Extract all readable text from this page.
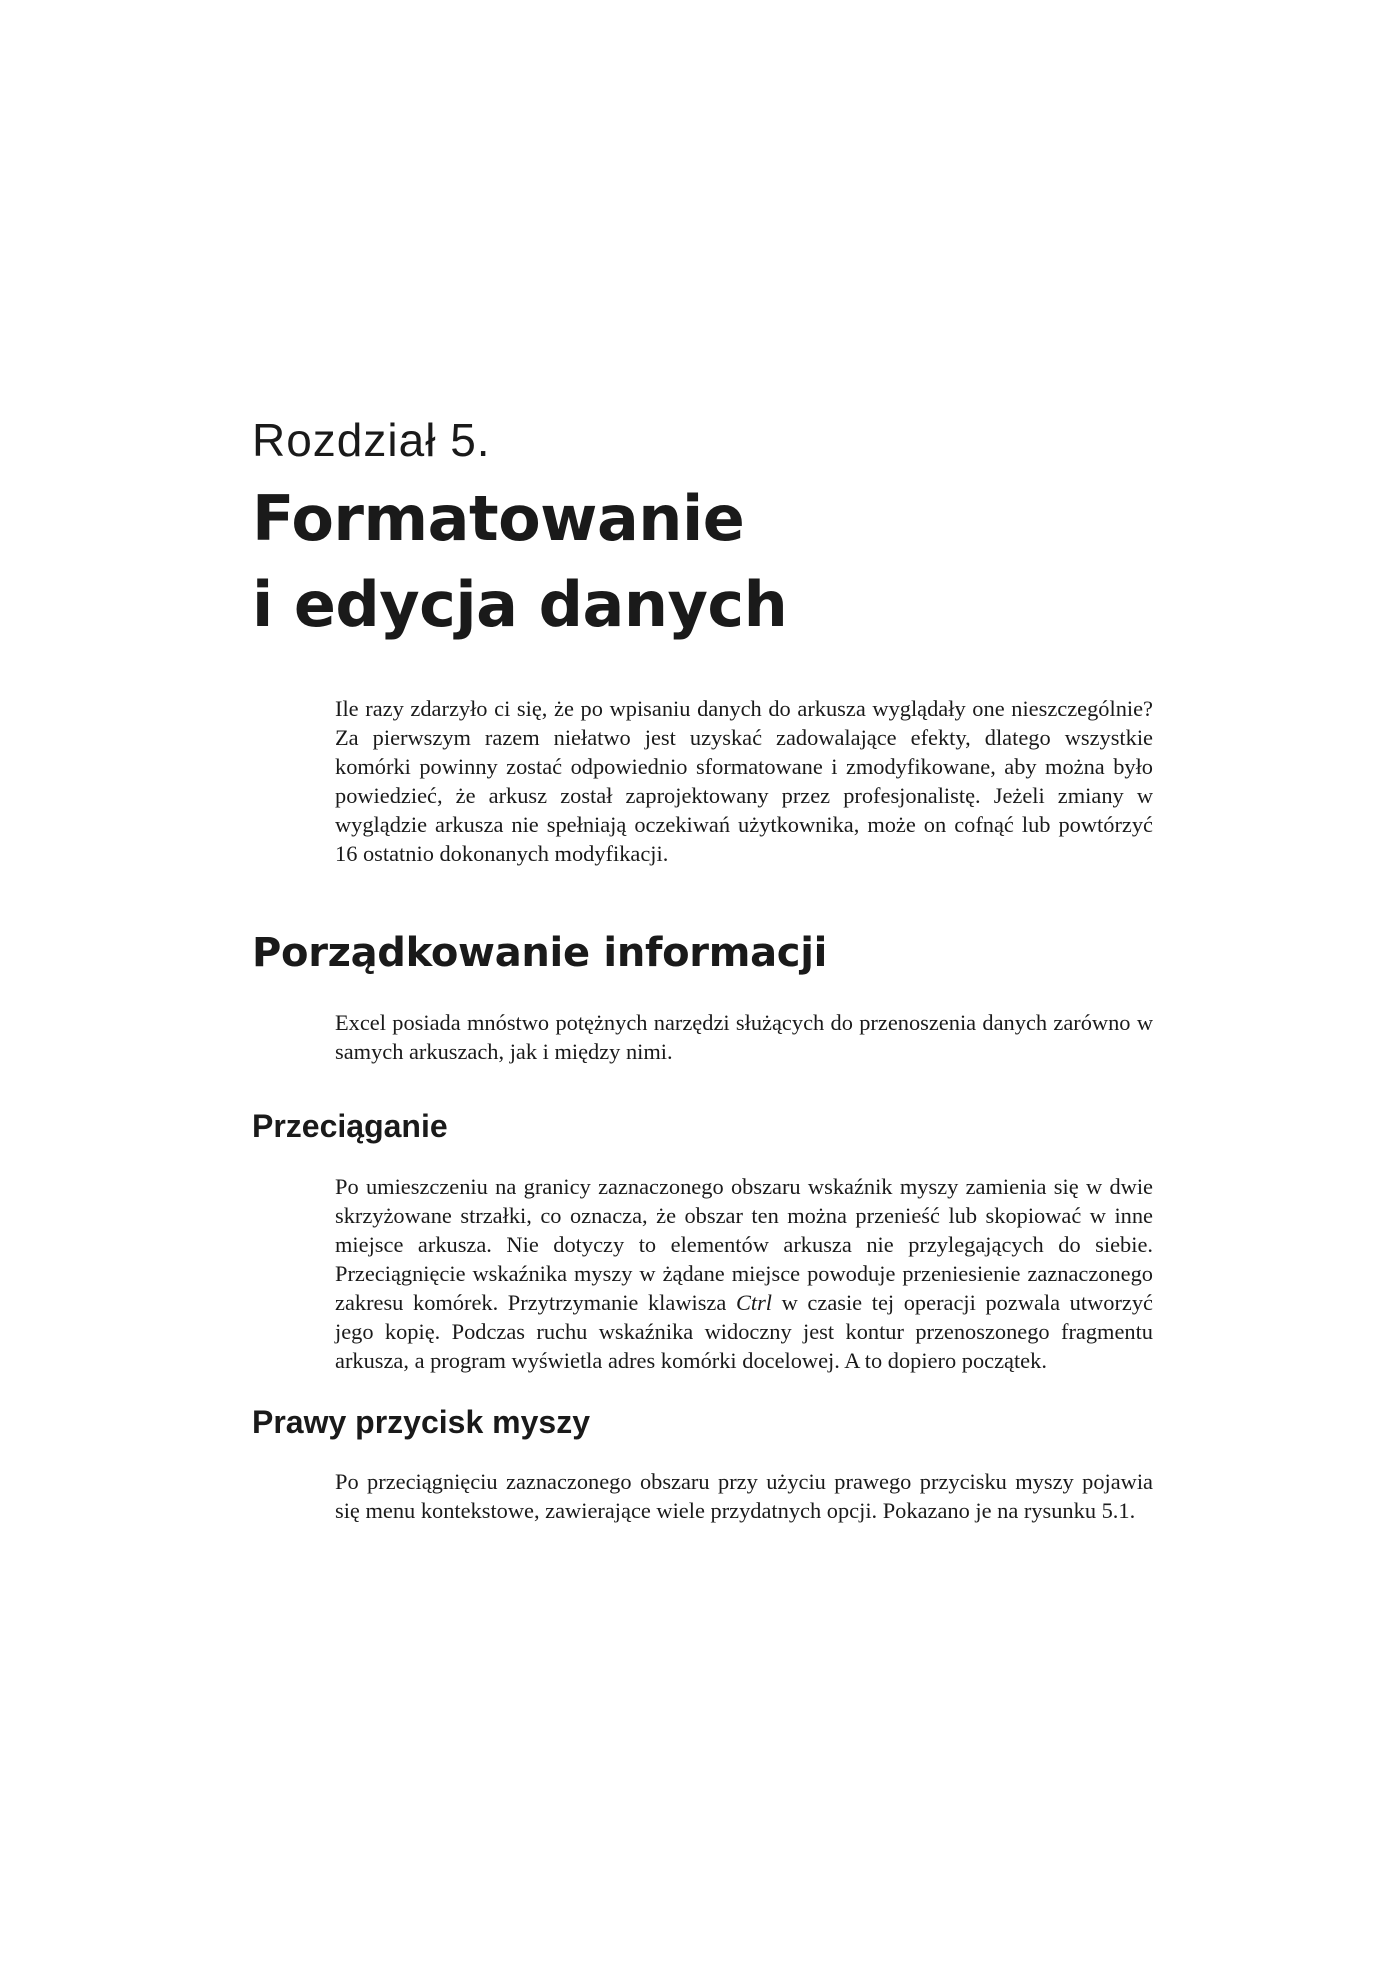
Rozdział 5.

Formatowanie
i edycja danych

Ile razy zdarzyło ci się, że po wpisaniu danych do arkusza wyglądały one nieszczególnie? Za pierwszym razem niełatwo jest uzyskać zadowalające efekty, dlatego wszystkie komórki powinny zostać odpowiednio sformatowane i zmodyfikowane, aby można było powiedzieć, że arkusz został zaprojektowany przez profesjonalistę. Jeżeli zmiany w wyglądzie arkusza nie spełniają oczekiwań użytkownika, może on cofnąć lub powtórzyć 16 ostatnio dokonanych modyfikacji.

Porządkowanie informacji

Excel posiada mnóstwo potężnych narzędzi służących do przenoszenia danych zarówno w samych arkuszach, jak i między nimi.

Przeciąganie

Po umieszczeniu na granicy zaznaczonego obszaru wskaźnik myszy zamienia się w dwie skrzyżowane strzałki, co oznacza, że obszar ten można przenieść lub skopiować w inne miejsce arkusza. Nie dotyczy to elementów arkusza nie przylegających do siebie. Przeciągnięcie wskaźnika myszy w żądane miejsce powoduje przeniesienie zaznaczonego zakresu komórek. Przytrzymanie klawisza Ctrl w czasie tej operacji pozwala utworzyć jego kopię. Podczas ruchu wskaźnika widoczny jest kontur przenoszonego fragmentu arkusza, a program wyświetla adres komórki docelowej. A to dopiero początek.

Prawy przycisk myszy

Po przeciągnięciu zaznaczonego obszaru przy użyciu prawego przycisku myszy pojawia się menu kontekstowe, zawierające wiele przydatnych opcji. Pokazano je na rysunku 5.1.
